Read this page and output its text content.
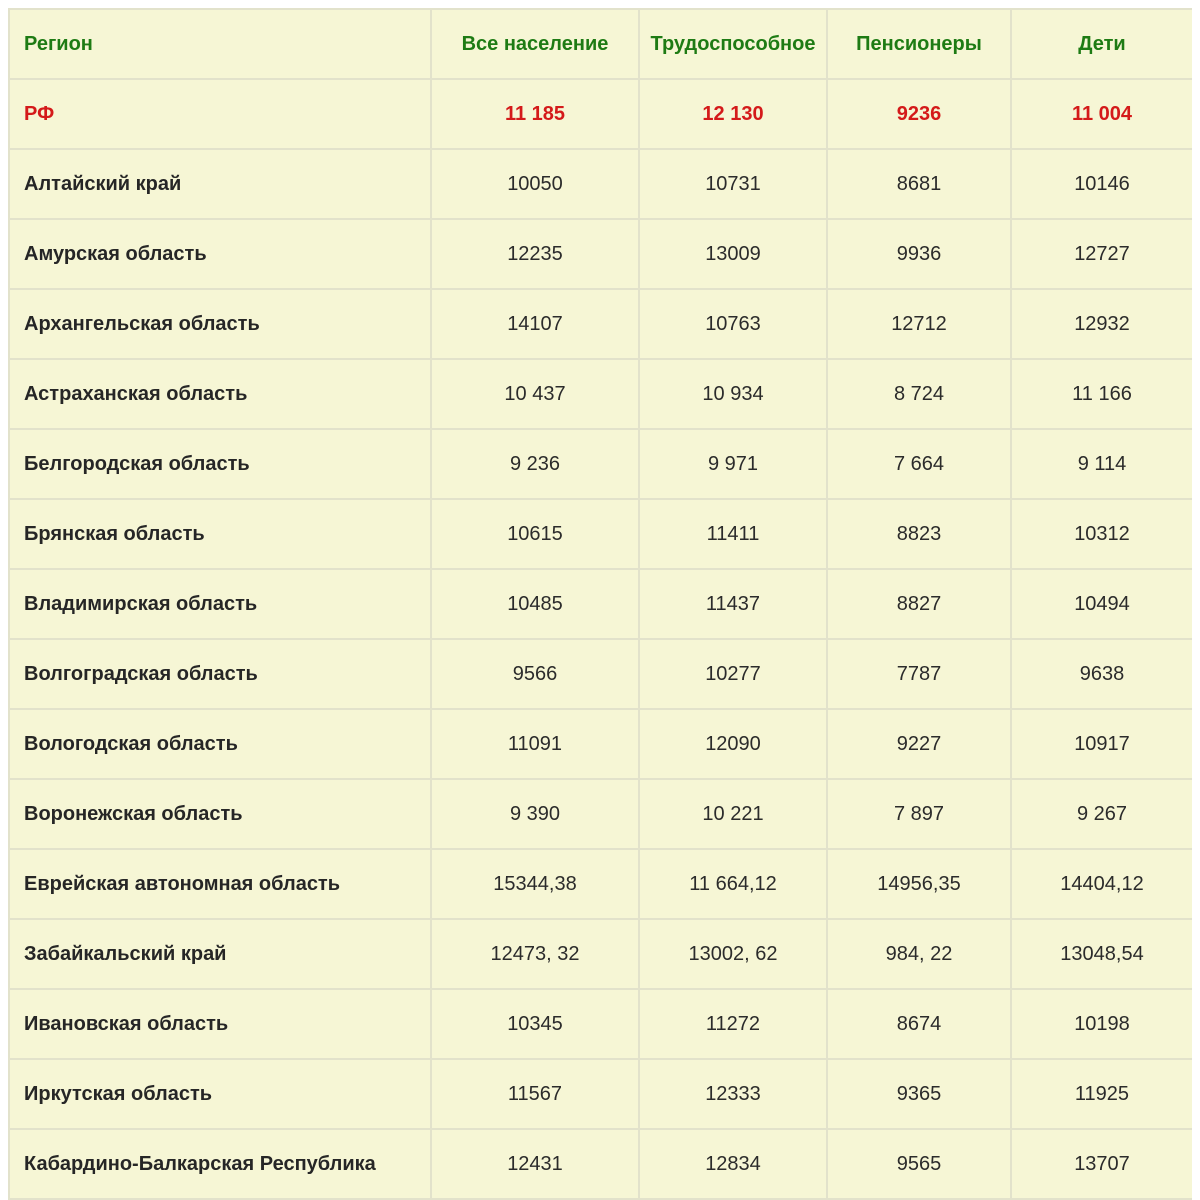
Регион	Все население	Трудоспособное	Пенсионеры	Дети
РФ	11 185	12 130	9236	11 004
Алтайский край	10050	10731	8681	10146
Амурская область	12235	13009	9936	12727
Архангельская область	14107	10763	12712	12932
Астраханская область	10 437	10 934	8 724	11 166
Белгородская область	9 236	9 971	7 664	9 114
Брянская область	10615	11411	8823	10312
Владимирская область	10485	11437	8827	10494
Волгоградская область	9566	10277	7787	9638
Вологодская область	11091	12090	9227	10917
Воронежская область	9 390	10 221	7 897	9 267
Еврейская автономная область	15344,38	11 664,12	14956,35	14404,12
Забайкальский край	12473, 32	13002, 62	984, 22	13048,54
Ивановская область	10345	11272	8674	10198
Иркутская область	11567	12333	9365	11925
Кабардино-Балкарская Республика	12431	12834	9565	13707
